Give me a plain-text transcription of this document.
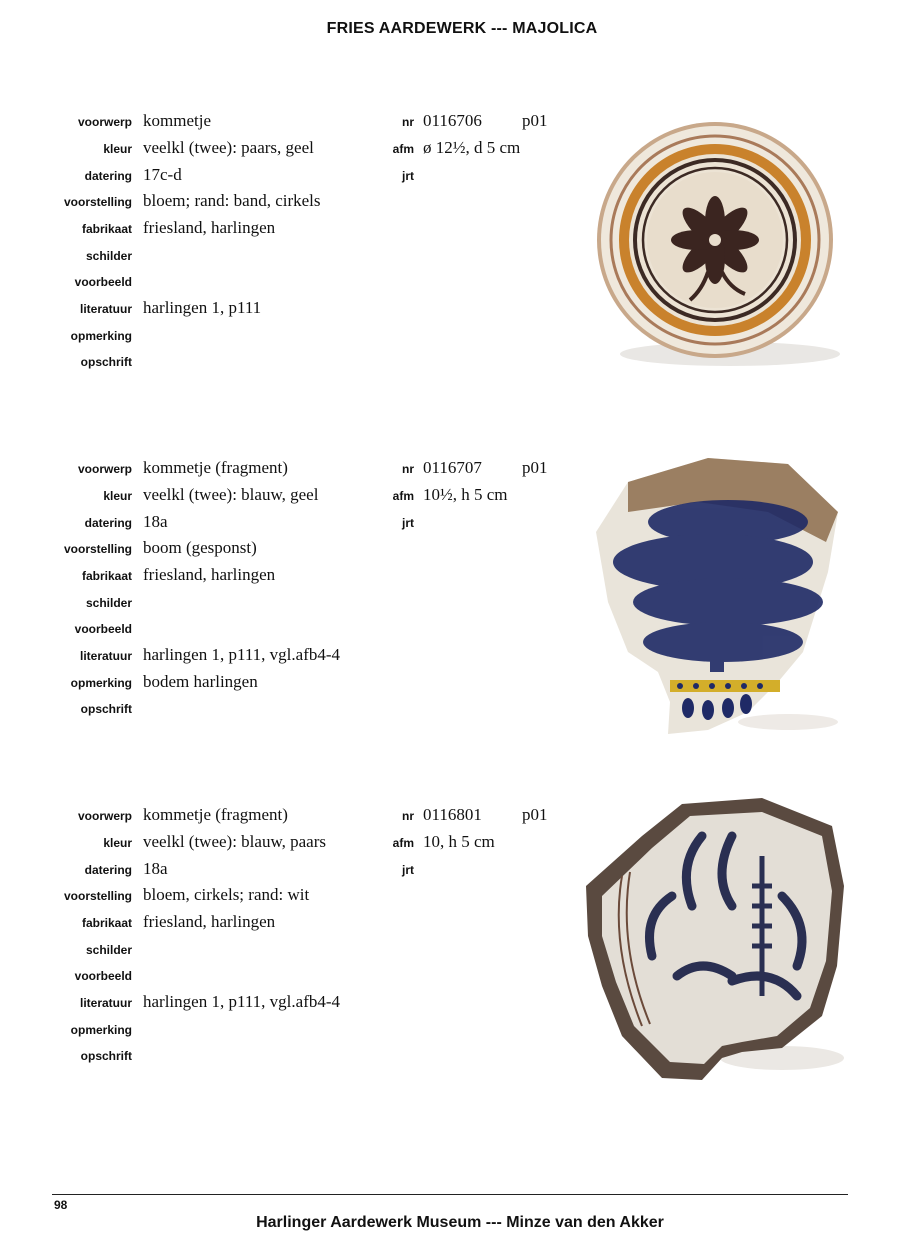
FRIES AARDEWERK --- MAJOLICA
voorwerp
kleur
datering
voorstelling
fabrikaat
schilder
voorbeeld
literatuur
opmerking
opschrift
kommetje
veelkl (twee): paars, geel
17c-d
bloem; rand: band, cirkels
friesland, harlingen
harlingen 1, p111
nr
afm
jrt
0116706 p01
ø 12½, d 5 cm
voorwerp
kleur
datering
voorstelling
fabrikaat
schilder
voorbeeld
literatuur
opmerking
opschrift
kommetje (fragment)
veelkl (twee): blauw, geel
18a
boom (gesponst)
friesland, harlingen
harlingen 1, p111, vgl.afb4-4
bodem harlingen
nr
afm
jrt
0116707 p01
10½, h 5 cm
voorwerp
kleur
datering
voorstelling
fabrikaat
schilder
voorbeeld
literatuur
opmerking
opschrift
kommetje (fragment)
veelkl (twee): blauw, paars
18a
bloem, cirkels; rand: wit
friesland, harlingen
harlingen 1, p111, vgl.afb4-4
nr
afm
jrt
0116801 p01
10, h 5 cm
98
Harlinger Aardewerk Museum --- Minze van den Akker
